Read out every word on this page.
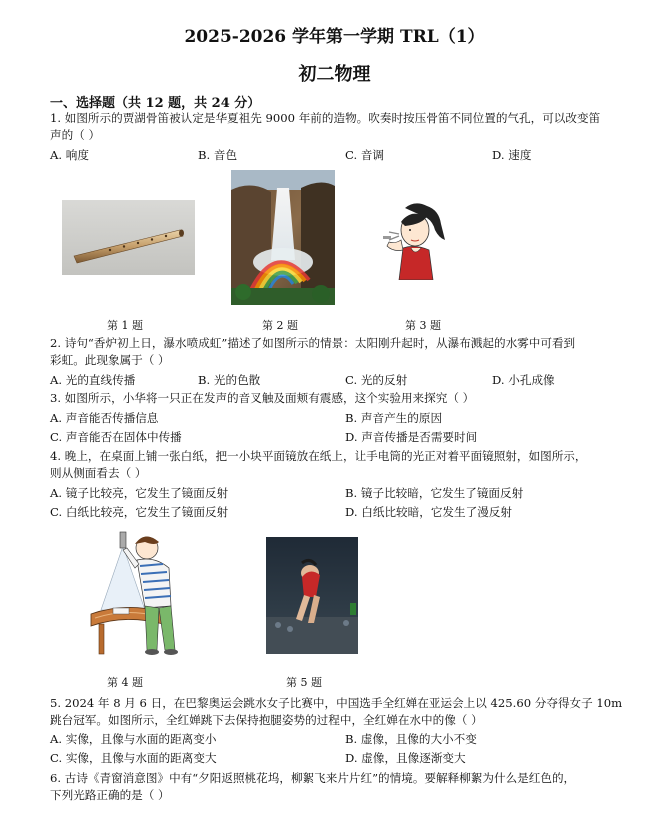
2025-2026 学年第一学期 TRL（1）
初二物理
一、选择题（共 12 题，共 24 分）
1. 如图所示的贾湖骨笛被认定是华夏祖先 9000 年前的造物。吹奏时按压骨笛不同位置的气孔，可以改变笛
声的（ ）
A. 响度	B. 音色	C. 音调	D. 速度
第 1 题	第 2 题	第 3 题
2. 诗句“香炉初上日，瀑水喷成虹”描述了如图所示的情景：太阳刚升起时，从瀑布溅起的水雾中可看到
彩虹。此现象属于（ ）
A. 光的直线传播	B. 光的色散	C. 光的反射	D. 小孔成像
3. 如图所示，小华将一只正在发声的音叉触及面颊有震感，这个实验用来探究（ ）
A. 声音能否传播信息	B. 声音产生的原因
C. 声音能否在固体中传播	D. 声音传播是否需要时间
4. 晚上，在桌面上铺一张白纸，把一小块平面镜放在纸上，让手电筒的光正对着平面镜照射，如图所示，
则从侧面看去（ ）
A. 镜子比较亮，它发生了镜面反射	B. 镜子比较暗，它发生了镜面反射
C. 白纸比较亮，它发生了镜面反射	D. 白纸比较暗，它发生了漫反射
第 4 题	第 5 题
5. 2024 年 8 月 6 日，在巴黎奥运会跳水女子比赛中，中国选手全红婵在亚运会上以 425.60 分夺得女子 10m
跳台冠军。如图所示，全红婵跳下去保持抱腿姿势的过程中，全红婵在水中的像（ ）
A. 实像，且像与水面的距离变小	B. 虚像，且像的大小不变
C. 实像，且像与水面的距离变大	D. 虚像，且像逐渐变大
6. 古诗《青窗消意图》中有“夕阳返照桃花坞，柳絮飞来片片红”的情境。要解释柳絮为什么是红色的，
下列光路正确的是（ ）
